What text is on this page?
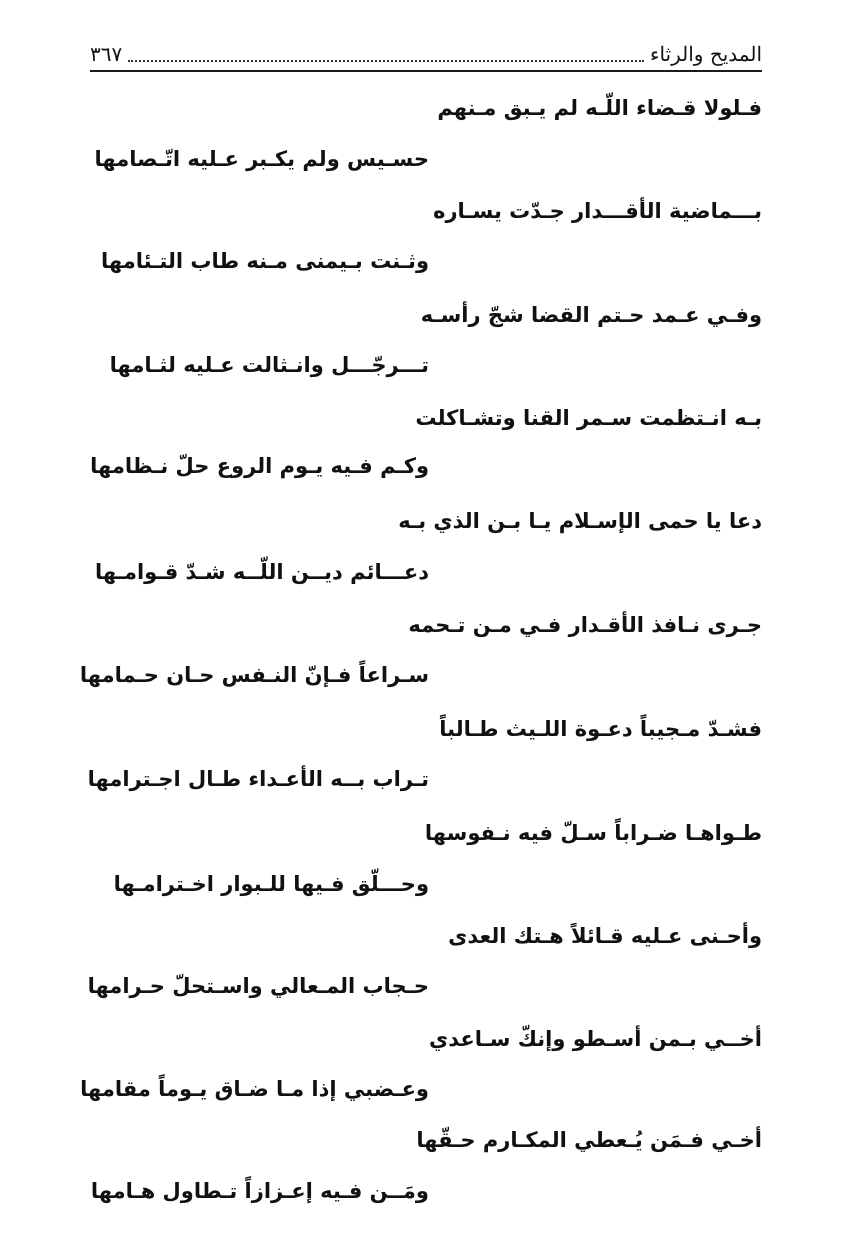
المديح والرثاء
٣٦٧
فـلولا قـضاء اللّـه لم يـبق مـنهم
حسـيس ولم يكـبر عـليه اتّـصامها
بـــماضية الأقـــدار جـدّت يسـاره
وثـنت بـيمنى مـنه طاب التـئامها
وفـي عـمد حـتم القضا شجّ رأسـه
تـــرجّـــل وانـثالت عـليه لثـامها
بـه انـتظمت سـمر القنا وتشـاكلت
وكـم فـيه يـوم الروع حلّ نـظامها
دعا يا حمى الإسـلام يـا بـن الذي بـه
دعـــائم ديــن اللّــه شـدّ قـوامـها
جـرى نـافذ الأقـدار فـي مـن تـحمه
سـراعاً فـإنّ النـفس حـان حـمامها
فشـدّ مـجيباً دعـوة اللـيث طـالباً
تـراب بــه الأعـداء طـال اجـترامها
طـواهـا ضـراباً سـلّ فيه نـفوسها
وحـــلّق فـيها للـبوار اخـترامـها
وأحـنى عـليه قـائلاً هـتك العدى
حـجاب المـعالي واسـتحلّ حـرامها
أخــي بـمن أسـطو وإنكّ سـاعدي
وعـضبي إذا مـا ضـاق يـوماً مقامها
أخـي فـمَن يُـعطي المكـارم حـقّها
ومَــن فـيه إعـزازاً تـطاول هـامها
